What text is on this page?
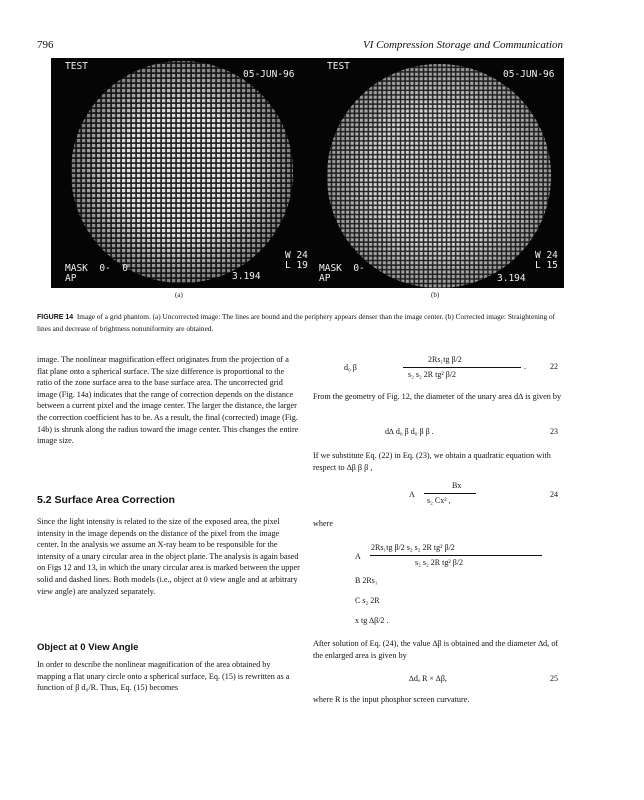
796	VI Compression Storage and Communication
TEST
05-JUN-96
W 24
L 19
MASK  0-  0
AP	3.194
TEST
05-JUN-96
W 24
L 15
MASK  0-
AP	3.194
(a)	(b)
FIGURE 14 Image of a grid phantom. (a) Uncorrected image: The lines are bound and the periphery appears denser than the image center. (b) Corrected image: Straightening of lines and decrease of brightness nonuniformity are obtained.

image. The nonlinear magnification effect originates from the projection of a flat plane onto a spherical surface. The size difference is proportional to the ratio of the zone surface area to the base surface area. The uncorrected grid image (Fig. 14a) indicates that the range of correction depends on the distance between a current pixel and the image center. The larger the distance, the larger the correction coefficient has to be. As a result, the final (corrected) image (Fig. 14b) is shrunk along the radius toward the image center. This changes the entire image size.

5.2 Surface Area Correction

Since the light intensity is related to the size of the exposed area, the pixel intensity in the image depends on the distance of the pixel from the image center. In the analysis we assume an X-ray beam to be responsible for the intensity of a unary circular area in the object plane. The analysis is again based on Figs 12 and 13, in which the unary circular area is marked between the upper solid and dashed lines. Both models (i.e., object at 0 view angle and at arbitrary view angle) are analyzed separately.

Object at 0 View Angle

In order to describe the nonlinear magnification of the area obtained by mapping a flat unary circle onto a spherical surface, Eq. (15) is rewritten as a function of β d₀/R. Thus, Eq. (15) becomes

d₀ β
2Rs₁tg β/2
s₂ s₂ 2R tg² β/2
.	22

From the geometry of Fig. 12, the diameter of the unary area d∆ is given by

d∆ d₀ β d₀ β β .	23

If we substitute Eq. (22) in Eq. (23), we obtain a quadratic equation with respect to ∆β β β ,

A
Bx
s₂ Cx² ,
24
where
A
2Rs₁tg β/2 s₂ s₂ 2R tg² β/2
s₂ s₂ 2R tg² β/2
B 2Rs₁
C s₂ 2R
x tg ∆β/2 .

After solution of Eq. (24), the value ∆β is obtained and the diameter ∆dₐ of the enlarged area is given by

∆dₐ R × ∆β,	25

where R is the input phosphor screen curvature.
